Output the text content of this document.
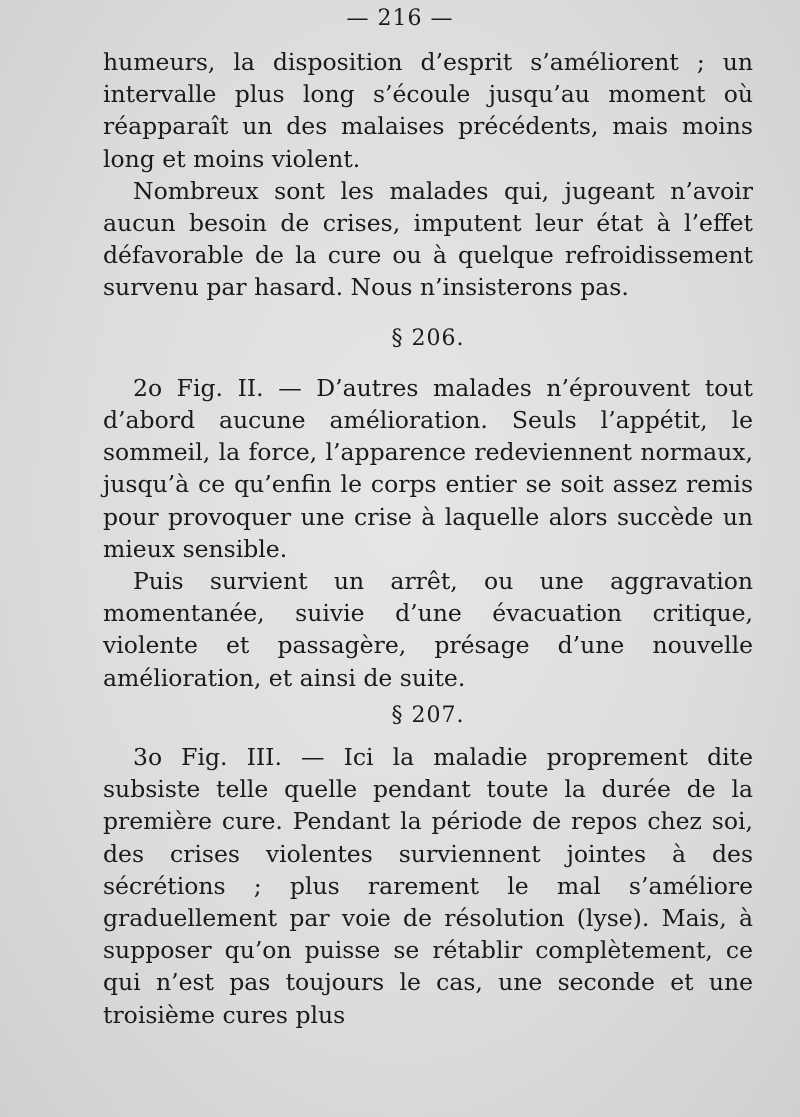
— 216 —

humeurs, la disposition d’esprit s’améliorent ; un intervalle plus long s’écoule jusqu’au moment où réapparaît un des malaises précédents, mais moins long et moins violent.

Nombreux sont les malades qui, jugeant n’avoir aucun besoin de crises, imputent leur état à l’effet défavorable de la cure ou à quelque refroidissement survenu par hasard. Nous n’insisterons pas.

§ 206.

2o Fig. II. — D’autres malades n’éprouvent tout d’abord aucune amélioration. Seuls l’appétit, le sommeil, la force, l’apparence redeviennent normaux, jusqu’à ce qu’enfin le corps entier se soit assez remis pour provoquer une crise à laquelle alors succède un mieux sensible.

Puis survient un arrêt, ou une aggravation momentanée, suivie d’une évacuation critique, violente et passagère, présage d’une nouvelle amélioration, et ainsi de suite.

§ 207.

3o Fig. III. — Ici la maladie proprement dite subsiste telle quelle pendant toute la durée de la première cure. Pendant la période de repos chez soi, des crises violentes surviennent jointes à des sécrétions ; plus rarement le mal s’améliore graduellement par voie de résolution (lyse). Mais, à supposer qu’on puisse se rétablir complètement, ce qui n’est pas toujours le cas, une seconde et une troisième cures plus
